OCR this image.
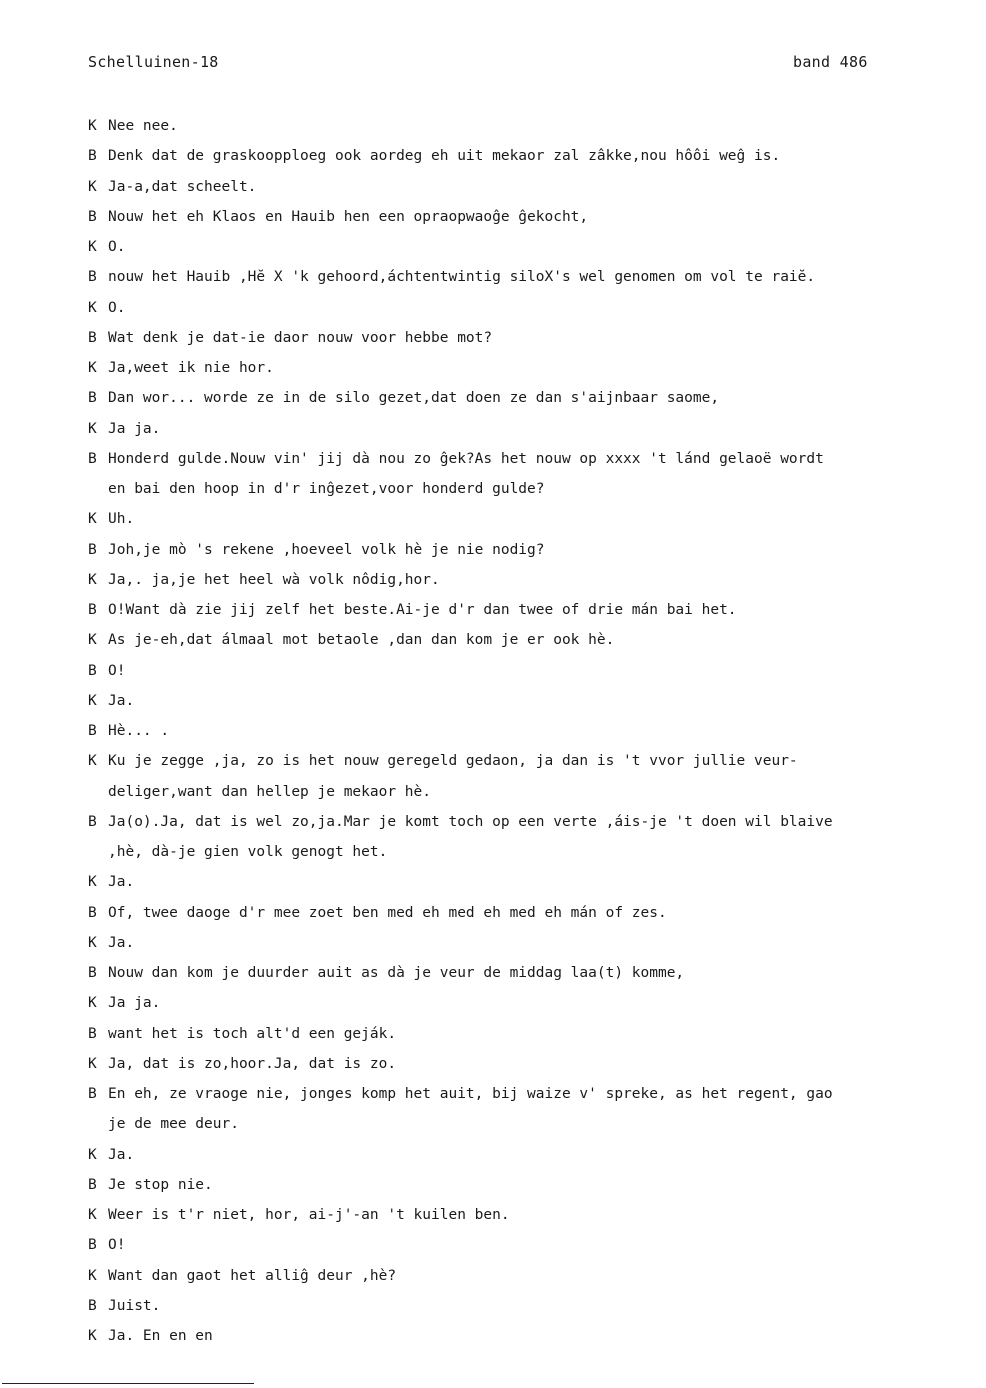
Schelluinen-18	band 486
K Nee nee.
B Denk dat de graskoopploeg ook aordeg eh uit mekaor zal zâkke,nou hôôi weĝ is.
K Ja-a,dat scheelt.
B Nouw het eh Klaos en Hauib hen een opraopwaoĝe ĝekocht,
K O.
B nouw het Hauib ,Hĕ X 'k gehoord,áchtentwintig siloX's wel genomen om vol te raiĕ.
K O.
B Wat denk je dat-ie daor nouw voor hebbe mot?
K Ja,weet ik nie hor.
B Dan wor... worde ze in de silo gezet,dat doen ze dan s'aijnbaar saome,
K Ja ja.
B Honderd gulde.Nouw vin' jij dà nou zo ĝek?As het nouw op xxxx 't lánd gelaoë wordt
en bai den hoop in d'r inĝezet,voor honderd gulde?
K Uh.
B Joh,je mò 's rekene ,hoeveel volk hè je nie nodig?
K Ja,. ja,je het heel wà volk nôdig,hor.
B O!Want dà zie jij zelf het beste.Ai-je d'r dan twee of drie mán bai het.
K As je-eh,dat álmaal mot betaole ,dan dan kom je er ook hè.
B O!
K Ja.
B Hè... .
K Ku je zegge ,ja, zo is het nouw geregeld gedaon, ja dan is 't vvor jullie veur-
deliger,want dan hellep je mekaor hè.
B Ja(o).Ja, dat is wel zo,ja.Mar je komt toch op een verte ,áis-je 't doen wil blaive
,hè, dà-je gien volk genogt het.
K Ja.
B Of, twee daoge d'r mee zoet ben med eh med eh med eh mán of zes.
K Ja.
B Nouw dan kom je duurder auit as dà je veur de middag laa(t) komme,
K Ja ja.
B want het is toch alt'd een geják.
K Ja, dat is zo,hoor.Ja, dat is zo.
B En eh, ze vraoge nie, jonges komp het auit, bij waize v' spreke, as het regent, gao
je de mee deur.
K Ja.
B Je stop nie.
K Weer is t'r niet, hor, ai-j'-an 't kuilen ben.
B O!
K Want dan gaot het alliĝ deur ,hè?
B Juist.
K Ja. En en en
